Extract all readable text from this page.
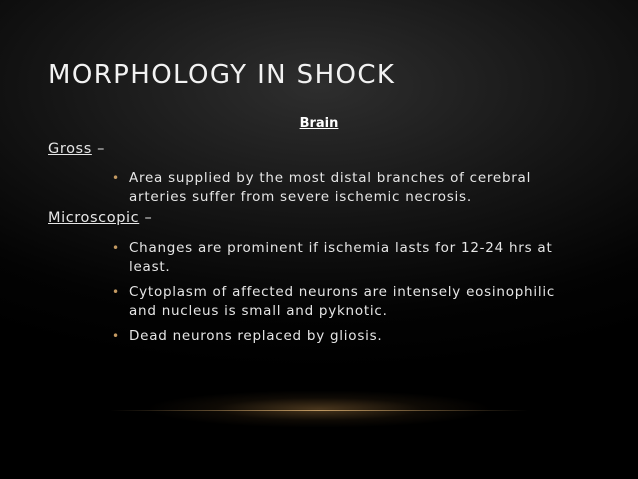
MORPHOLOGY IN SHOCK
Brain
Gross –
• Area supplied by the most distal branches of cerebral arteries suffer from severe ischemic necrosis.
Microscopic –
• Changes are prominent if ischemia lasts for 12-24 hrs at least.
• Cytoplasm of affected neurons are intensely eosinophilic and nucleus is small and pyknotic.
• Dead neurons replaced by gliosis.
